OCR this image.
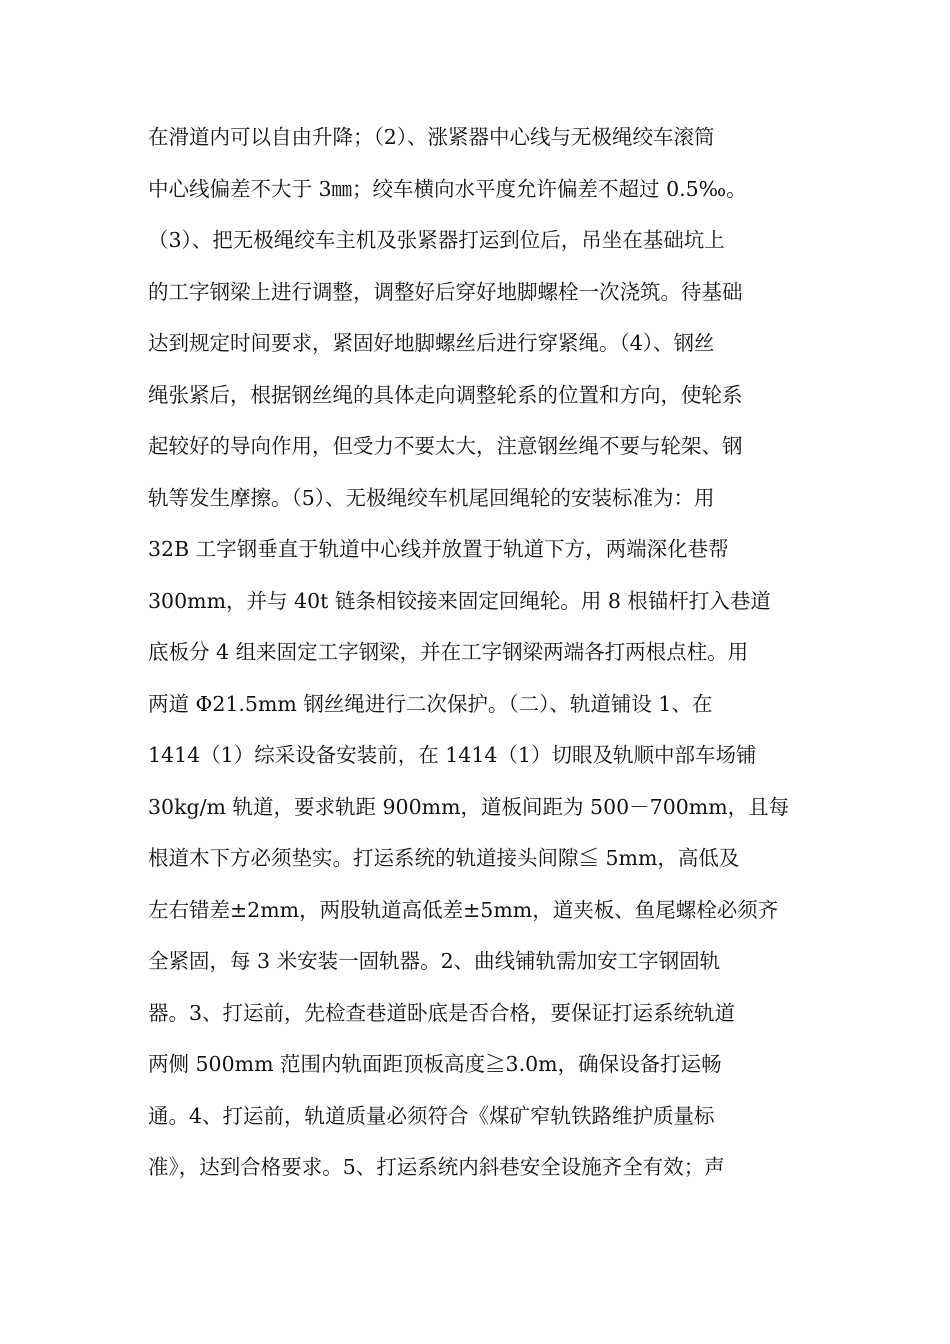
在滑道内可以自由升降；（2）、涨紧器中心线与无极绳绞车滚筒
中心线偏差不大于 3㎜；绞车横向水平度允许偏差不超过 0.5‰。
（3）、把无极绳绞车主机及张紧器打运到位后，吊坐在基础坑上
的工字钢梁上进行调整，调整好后穿好地脚螺栓一次浇筑。待基础
达到规定时间要求，紧固好地脚螺丝后进行穿紧绳。（4）、钢丝
绳张紧后，根据钢丝绳的具体走向调整轮系的位置和方向，使轮系
起较好的导向作用，但受力不要太大，注意钢丝绳不要与轮架、钢
轨等发生摩擦。（5）、无极绳绞车机尾回绳轮的安装标准为：用
32B 工字钢垂直于轨道中心线并放置于轨道下方，两端深化巷帮
300mm，并与 40t 链条相铰接来固定回绳轮。用 8 根锚杆打入巷道
底板分 4 组来固定工字钢梁，并在工字钢梁两端各打两根点柱。用
两道 Φ21.5mm 钢丝绳进行二次保护。（二）、轨道铺设 1、在
1414（1）综采设备安装前，在 1414（1）切眼及轨顺中部车场铺
30kg/m 轨道，要求轨距 900mm，道板间距为 500－700mm，且每
根道木下方必须垫实。打运系统的轨道接头间隙≦ 5mm，高低及
左右错差±2mm，两股轨道高低差±5mm，道夹板、鱼尾螺栓必须齐
全紧固，每 3 米安装一固轨器。2、曲线铺轨需加安工字钢固轨
器。3、打运前，先检查巷道卧底是否合格，要保证打运系统轨道
两侧 500mm 范围内轨面距顶板高度≧3.0m，确保设备打运畅
通。4、打运前，轨道质量必须符合《煤矿窄轨铁路维护质量标
准》，达到合格要求。5、打运系统内斜巷安全设施齐全有效；声
